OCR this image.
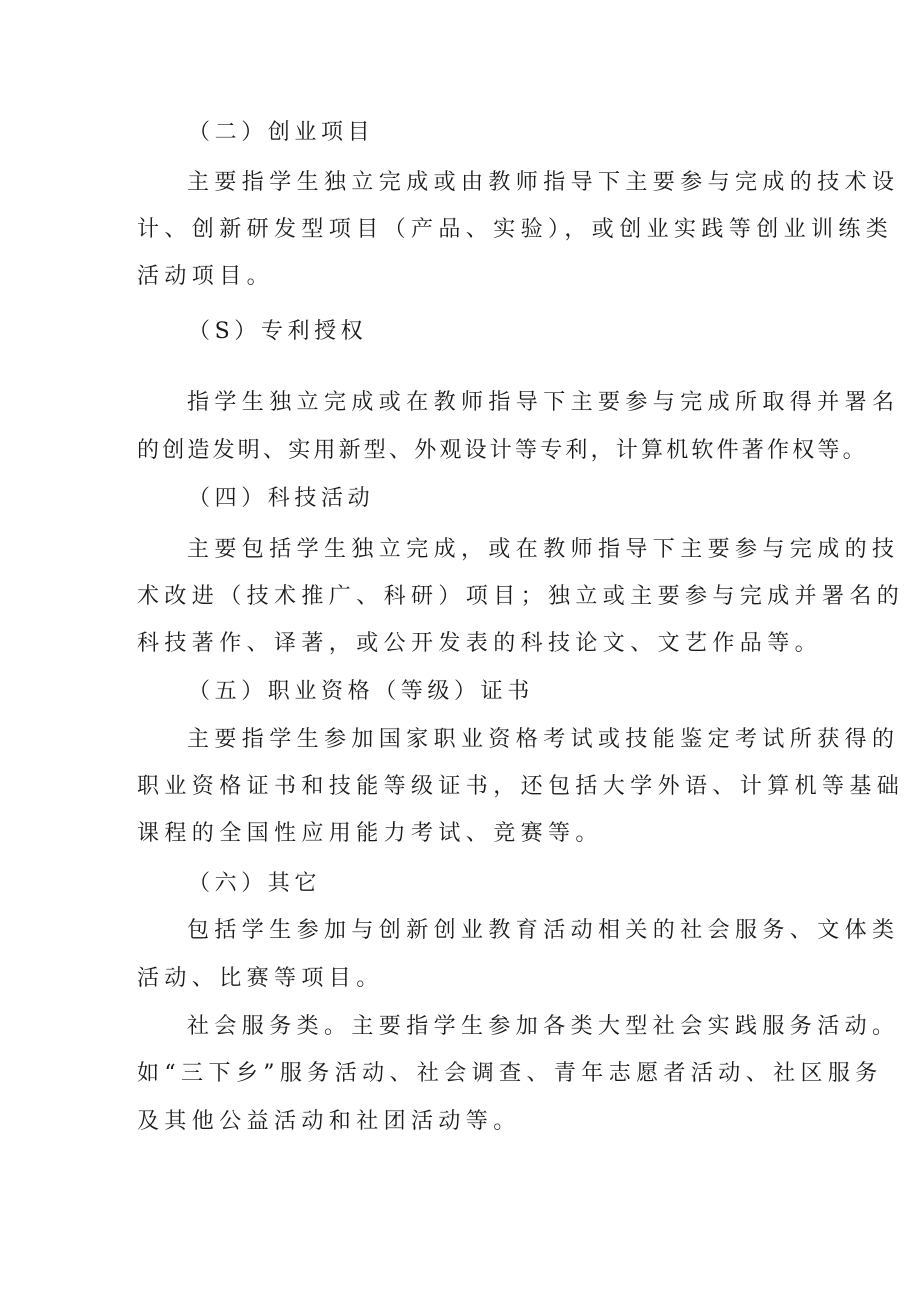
（二）创业项目

主要指学生独立完成或由教师指导下主要参与完成的技术设

计、创新研发型项目（产品、实验），或创业实践等创业训练类

活动项目。

（S）专利授权

指学生独立完成或在教师指导下主要参与完成所取得并署名

的创造发明、实用新型、外观设计等专利，计算机软件著作权等。

（四）科技活动

主要包括学生独立完成，或在教师指导下主要参与完成的技

术改进（技术推广、科研）项目；独立或主要参与完成并署名的

科技著作、译著，或公开发表的科技论文、文艺作品等。

（五）职业资格（等级）证书

主要指学生参加国家职业资格考试或技能鉴定考试所获得的

职业资格证书和技能等级证书，还包括大学外语、计算机等基础

课程的全国性应用能力考试、竞赛等。

（六）其它

包括学生参加与创新创业教育活动相关的社会服务、文体类

活动、比赛等项目。

社会服务类。主要指学生参加各类大型社会实践服务活动。

如“三下乡”服务活动、社会调查、青年志愿者活动、社区服务

及其他公益活动和社团活动等。
